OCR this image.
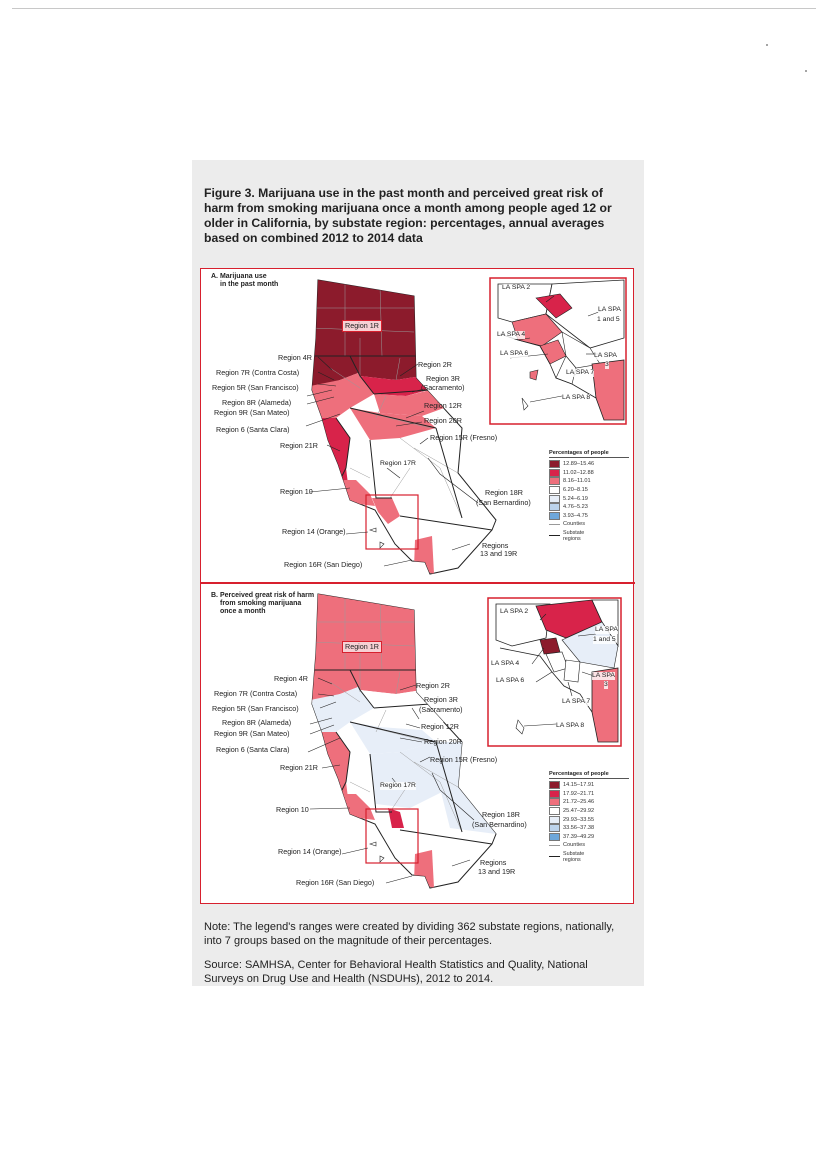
Figure 3. Marijuana use in the past month and perceived great risk of harm from smoking marijuana once a month among people aged 12 or older in California, by substate region: percentages, annual averages based on combined 2012 to 2014 data
A. Marijuana use
in the past month
Region 1R
Region 4R
Region 7R (Contra Costa)
Region 5R (San Francisco)
Region 8R (Alameda)
Region 9R (San Mateo)
Region 6 (Santa Clara)
Region 21R
Region 2R
Region 3R
(Sacramento)
Region 12R
Region 20R
Region 15R (Fresno)
Region 17R
Region 10	Region 18R
(San Bernardino)
Region 14 (Orange)
Regions
13 and 19R
Region 16R (San Diego)
LA SPA 2
LA SPA
1 and 5
LA SPA 4
LA SPA 6	LA SPA
3
LA SPA 7
LA SPA 8
Percentages of people
12.89–15.46
11.02–12.88
8.16–11.01
6.20–8.15
5.24–6.19
4.76–5.23
3.93–4.75
Counties
Substate
regions
B. Perceived great risk of harm
from smoking marijuana
once a month
Region 1R
Region 4R
Region 7R (Contra Costa)
Region 5R (San Francisco)
Region 8R (Alameda)
Region 9R (San Mateo)
Region 6 (Santa Clara)
Region 21R
Region 2R
Region 3R
(Sacramento)
Region 12R
Region 20R
Region 15R (Fresno)
Region 17R
Region 10
Region 18R
(San Bernardino)
Region 14 (Orange)
Regions
13 and 19R
Region 16R (San Diego)
LA SPA 2
LA SPA
1 and 5
LA SPA 4
LA SPA 6
LA SPA
3
LA SPA 7
LA SPA 8
Percentages of people
14.15–17.91
17.92–21.71
21.72–25.46
25.47–29.92
29.93–33.55
33.56–37.38
37.39–49.29
Counties
Substate
regions
Note: The legend's ranges were created by dividing 362 substate regions, nationally, into 7 groups based on the magnitude of their percentages.
Source: SAMHSA, Center for Behavioral Health Statistics and Quality, National Surveys on Drug Use and Health (NSDUHs), 2012 to 2014.
